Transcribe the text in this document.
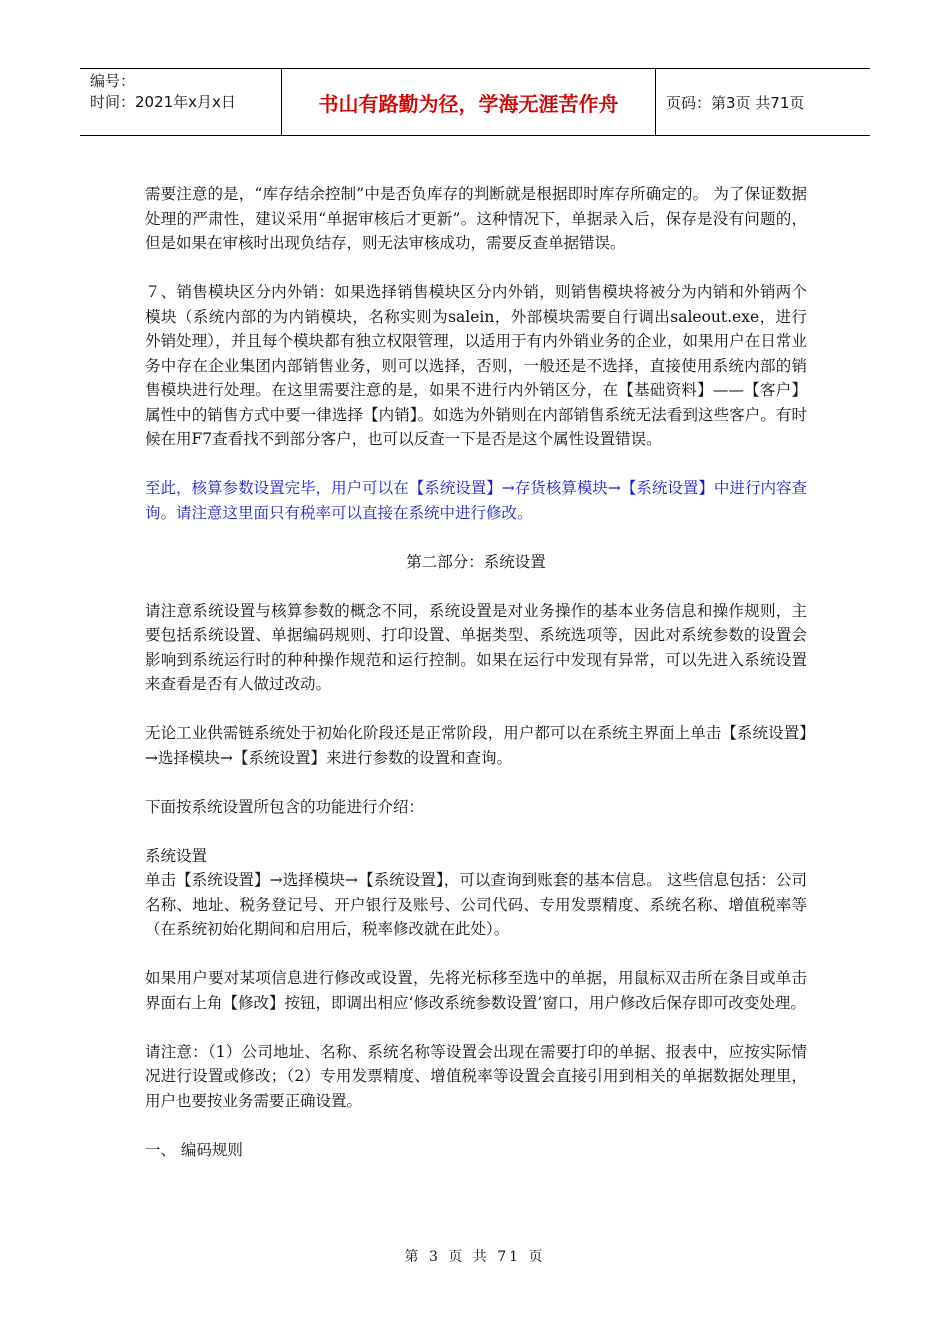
编号：
时间：2021年x月x日	书山有路勤为径，学海无涯苦作舟	页码：第3页 共71页

需要注意的是，“库存结余控制”中是否负库存的判断就是根据即时库存所确定的。 为了保证数据处理的严肃性，建议采用“单据审核后才更新”。这种情况下，单据录入后，保存是没有问题的，但是如果在审核时出现负结存，则无法审核成功，需要反查单据错误。

７、销售模块区分内外销：如果选择销售模块区分内外销，则销售模块将被分为内销和外销两个模块（系统内部的为内销模块，名称实则为salein，外部模块需要自行调出saleout.exe，进行外销处理），并且每个模块都有独立权限管理，以适用于有内外销业务的企业，如果用户在日常业务中存在企业集团内部销售业务，则可以选择，否则，一般还是不选择，直接使用系统内部的销售模块进行处理。在这里需要注意的是，如果不进行内外销区分，在【基础资料】——【客户】属性中的销售方式中要一律选择【内销】。如选为外销则在内部销售系统无法看到这些客户。有时候在用F7查看找不到部分客户，也可以反查一下是否是这个属性设置错误。

至此，核算参数设置完毕，用户可以在【系统设置】→存货核算模块→【系统设置】中进行内容查询。请注意这里面只有税率可以直接在系统中进行修改。

第二部分：系统设置

请注意系统设置与核算参数的概念不同，系统设置是对业务操作的基本业务信息和操作规则，主要包括系统设置、单据编码规则、打印设置、单据类型、系统选项等，因此对系统参数的设置会影响到系统运行时的种种操作规范和运行控制。如果在运行中发现有异常，可以先进入系统设置来查看是否有人做过改动。

无论工业供需链系统处于初始化阶段还是正常阶段，用户都可以在系统主界面上单击【系统设置】→选择模块→【系统设置】来进行参数的设置和查询。

下面按系统设置所包含的功能进行介绍：

系统设置

单击【系统设置】→选择模块→【系统设置】，可以查询到账套的基本信息。 这些信息包括：公司名称、地址、税务登记号、开户银行及账号、公司代码、专用发票精度、系统名称、增值税率等（在系统初始化期间和启用后，税率修改就在此处）。

如果用户要对某项信息进行修改或设置，先将光标移至选中的单据，用鼠标双击所在条目或单击界面右上角【修改】按钮，即调出相应‘修改系统参数设置’窗口，用户修改后保存即可改变处理。

请注意：（1）公司地址、名称、系统名称等设置会出现在需要打印的单据、报表中，应按实际情况进行设置或修改；（2）专用发票精度、增值税率等设置会直接引用到相关的单据数据处理里，用户也要按业务需要正确设置。

一、 编码规则

第 3 页 共 71 页
